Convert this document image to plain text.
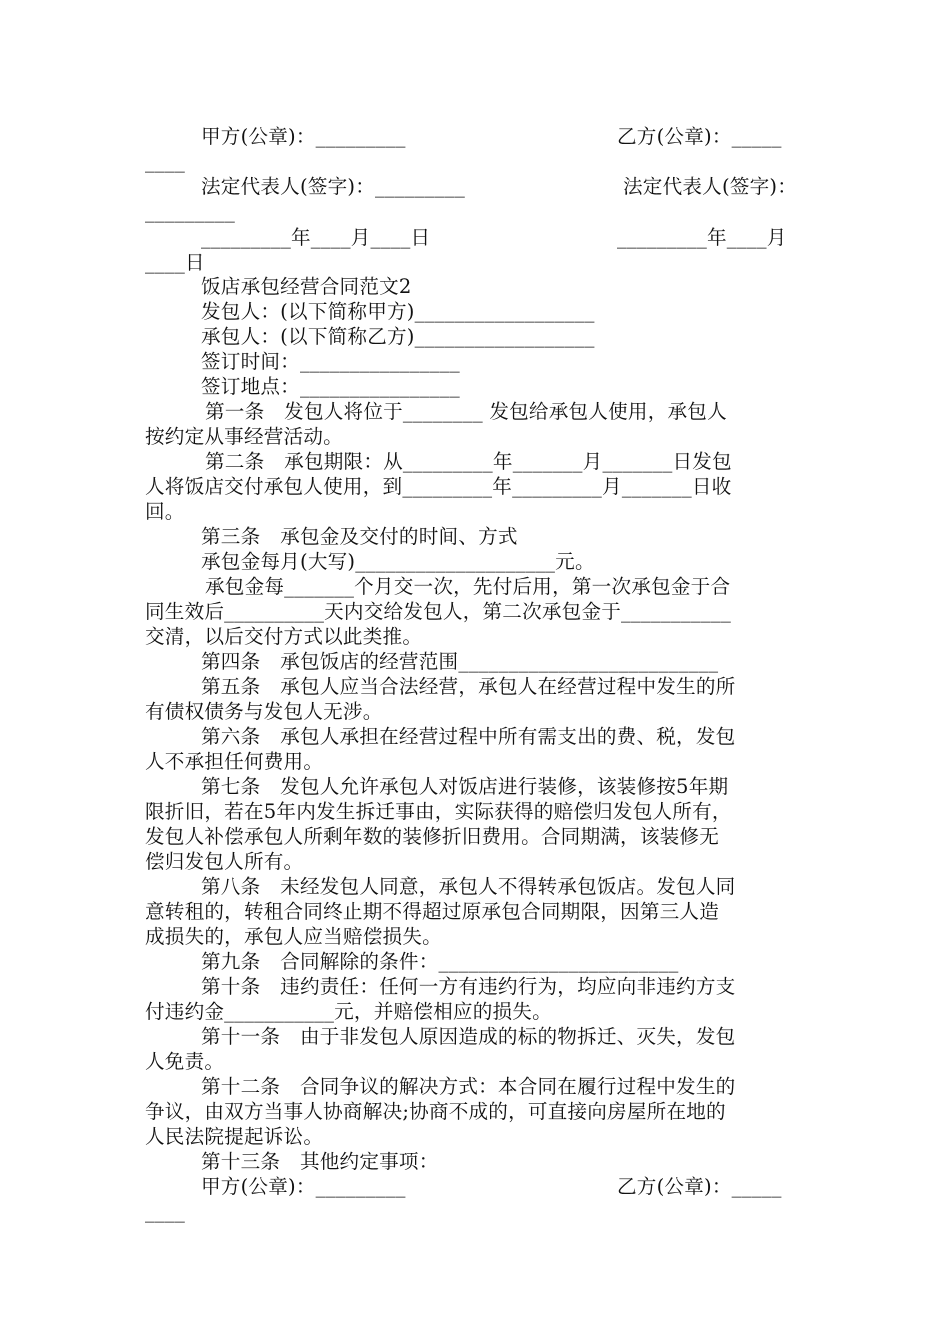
甲方(公章)：_________	乙方(公章)：_____
____
法定代表人(签字)：_________	法定代表人(签字)：
_________
_________年____月____日	_________年____月
____日
饭店承包经营合同范文2
发包人：(以下简称甲方)__________________
承包人：(以下简称乙方)__________________
签订时间：________________
签订地点：________________
第一条　发包人将位于________ 发包给承包人使用，承包人
按约定从事经营活动。
第二条　承包期限：从_________年_______月_______日发包
人将饭店交付承包人使用，到_________年_________月_______日收
回。
第三条　承包金及交付的时间、方式
承包金每月(大写)____________________元。
承包金每_______个月交一次，先付后用，第一次承包金于合
同生效后__________天内交给发包人，第二次承包金于___________
交清，以后交付方式以此类推。
第四条　承包饭店的经营范围__________________________
第五条　承包人应当合法经营，承包人在经营过程中发生的所
有债权债务与发包人无涉。
第六条　承包人承担在经营过程中所有需支出的费、税，发包
人不承担任何费用。
第七条　发包人允许承包人对饭店进行装修，该装修按5年期
限折旧，若在5年内发生拆迁事由，实际获得的赔偿归发包人所有，
发包人补偿承包人所剩年数的装修折旧费用。合同期满，该装修无
偿归发包人所有。
第八条　未经发包人同意，承包人不得转承包饭店。发包人同
意转租的，转租合同终止期不得超过原承包合同期限，因第三人造
成损失的，承包人应当赔偿损失。
第九条　合同解除的条件：________________________
第十条　违约责任：任何一方有违约行为，均应向非违约方支
付违约金___________元，并赔偿相应的损失。
第十一条　由于非发包人原因造成的标的物拆迁、灭失，发包
人免责。
第十二条　合同争议的解决方式：本合同在履行过程中发生的
争议，由双方当事人协商解决;协商不成的，可直接向房屋所在地的
人民法院提起诉讼。
第十三条　其他约定事项：
甲方(公章)：_________	乙方(公章)：_____
____
